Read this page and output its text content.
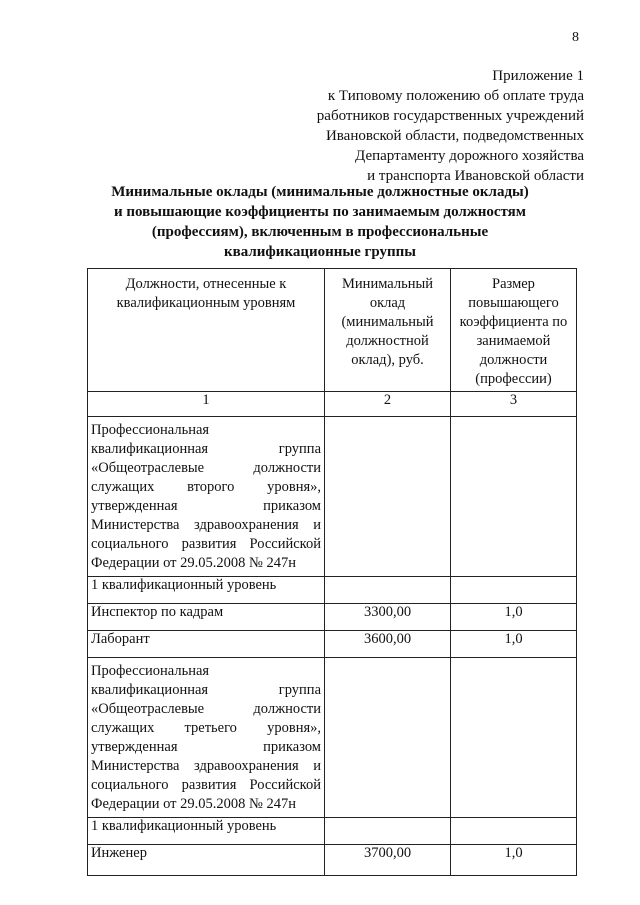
8
Приложение 1
к Типовому положению об оплате труда
работников государственных учреждений
Ивановской области, подведомственных
Департаменту дорожного хозяйства
и транспорта Ивановской области
Минимальные оклады (минимальные должностные оклады)
и повышающие коэффициенты по занимаемым должностям
(профессиям), включенным в профессиональные
квалификационные группы
Должности, отнесенные к квалификационным уровням	Минимальный оклад (минимальный должностной оклад), руб.	Размер повышающего коэффициента по занимаемой должности (профессии)
1	2	3
Профессиональная квалификационная группа «Общеотраслевые должности служащих второго уровня», утвержденная приказом Министерства здравоохранения и социального развития Российской Федерации от 29.05.2008 № 247н		
1 квалификационный уровень		
Инспектор по кадрам	3300,00	1,0
Лаборант	3600,00	1,0
Профессиональная квалификационная группа «Общеотраслевые должности служащих третьего уровня», утвержденная приказом Министерства здравоохранения и социального развития Российской Федерации от 29.05.2008 № 247н		
1 квалификационный уровень		
Инженер	3700,00	1,0
